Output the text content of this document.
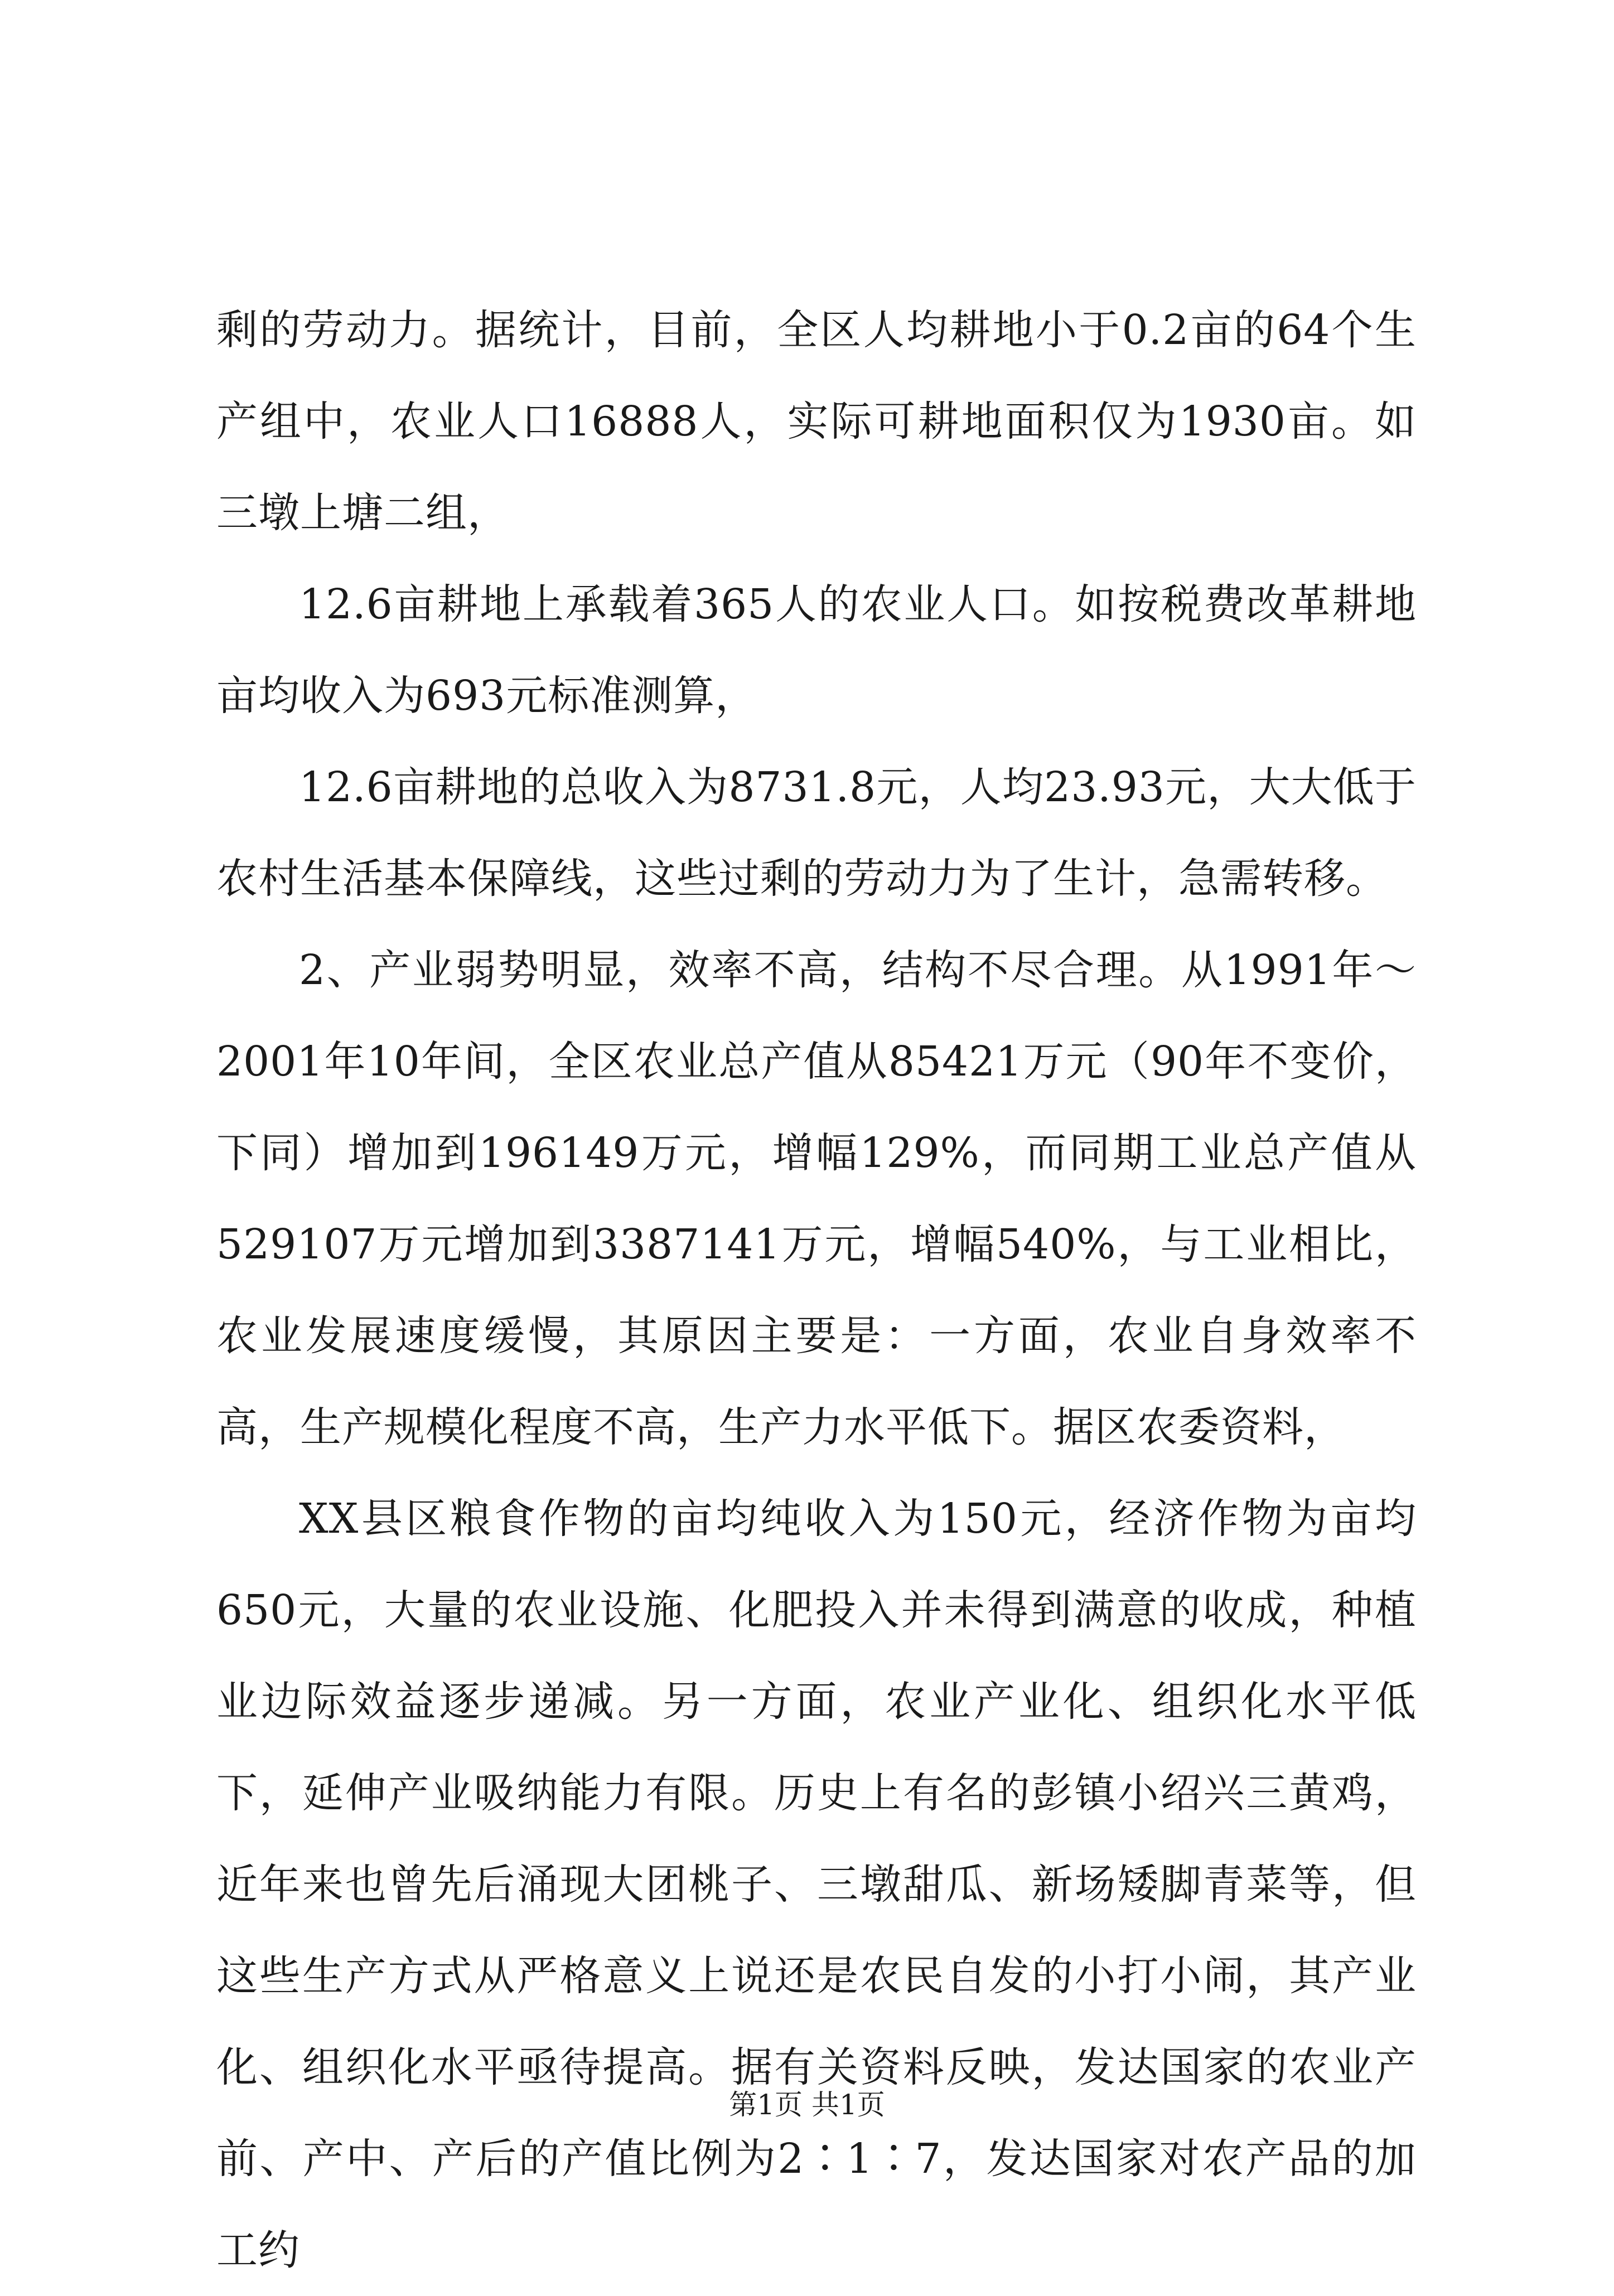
剩的劳动力。据统计，目前，全区人均耕地小于0.2亩的64个生产组中，农业人口16888人，实际可耕地面积仅为1930亩。如三墩上塘二组，

12.6亩耕地上承载着365人的农业人口。如按税费改革耕地亩均收入为693元标准测算，

12.6亩耕地的总收入为8731.8元，人均23.93元，大大低于农村生活基本保障线，这些过剩的劳动力为了生计，急需转移。

2、产业弱势明显，效率不高，结构不尽合理。从1991年～2001年10年间，全区农业总产值从85421万元（90年不变价，下同）增加到196149万元，增幅129%，而同期工业总产值从529107万元增加到3387141万元，增幅540%，与工业相比，农业发展速度缓慢，其原因主要是：一方面，农业自身效率不高，生产规模化程度不高，生产力水平低下。据区农委资料，

XX县区粮食作物的亩均纯收入为150元，经济作物为亩均650元，大量的农业设施、化肥投入并未得到满意的收成，种植业边际效益逐步递减。另一方面，农业产业化、组织化水平低下，延伸产业吸纳能力有限。历史上有名的彭镇小绍兴三黄鸡，近年来也曾先后涌现大团桃子、三墩甜瓜、新场矮脚青菜等，但这些生产方式从严格意义上说还是农民自发的小打小闹，其产业化、组织化水平亟待提高。据有关资料反映，发达国家的农业产前、产中、产后的产值比例为2∶1∶7，发达国家对农产品的加工约

第1页 共1页
